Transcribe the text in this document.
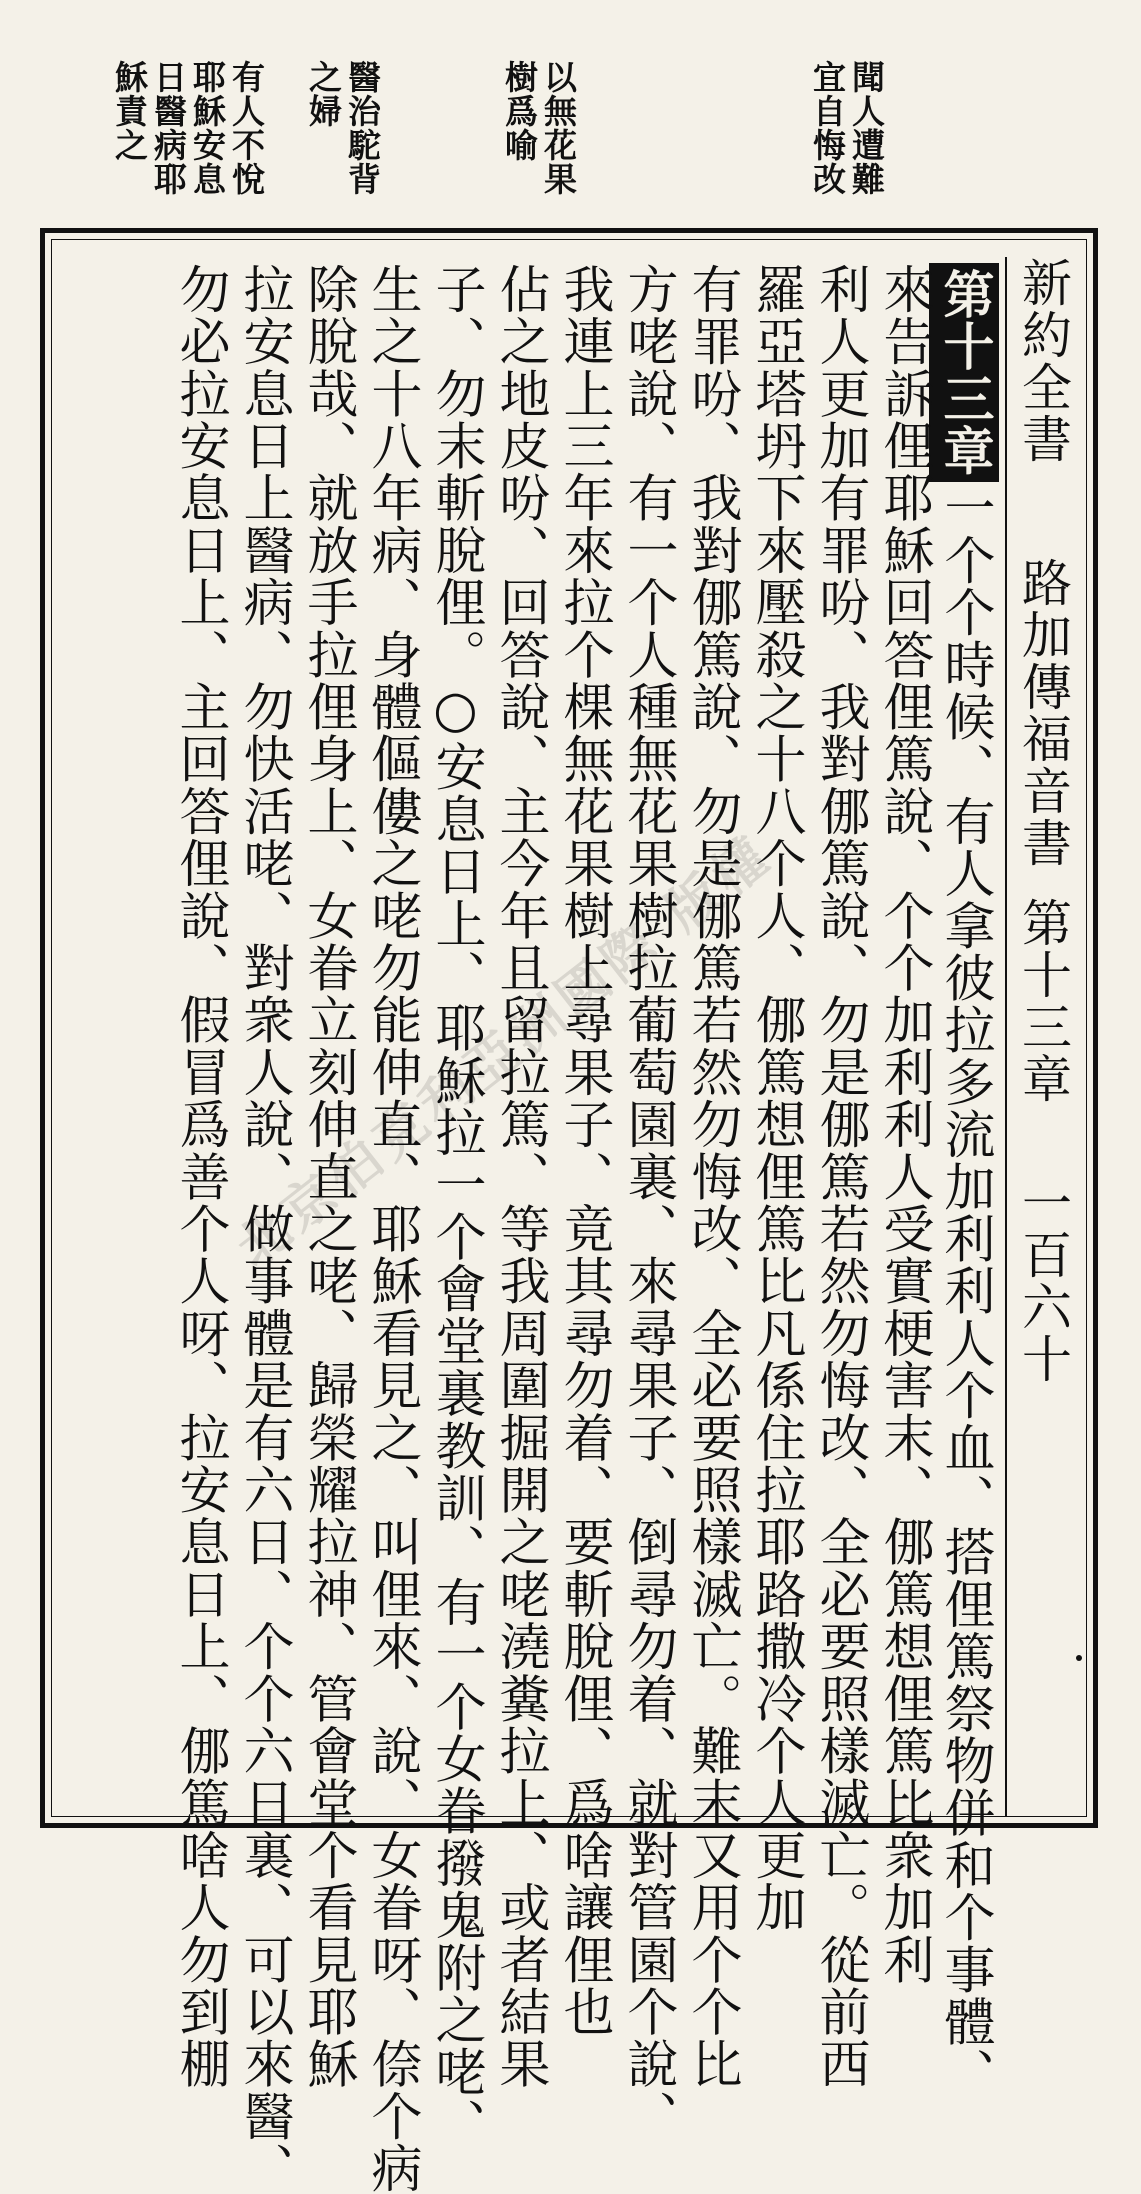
聞人遭難宜自悔改
以無花果樹爲喻
醫治駝背之婦
有人不悅耶穌安息日醫病耶穌責之
新約全書
路加傳福音書
第十三章
一百六十
第十三章一个个時候、有人拿彼拉多流加利利人个血、搭俚篤祭物併和个事體、
來告訴俚耶穌回答俚篤說、个个加利利人受實梗害末、㑚篤想俚篤比衆加利
利人更加有罪吩、我對㑚篤說、勿是㑚篤若然勿悔改、全必要照樣滅亡。從前西
羅亞塔坍下來壓殺之十八个人、㑚篤想俚篤比凡係住拉耶路撒冷个人更加
有罪吩、我對㑚篤說、勿是㑚篤若然勿悔改、全必要照樣滅亡。難末又用个个比
方咾說、有一个人種無花果樹拉葡萄園裏、來尋果子、倒尋勿着、就對管園个說、
我連上三年來拉个棵無花果樹上尋果子、竟其尋勿着、要斬脫俚、爲啥讓俚也
佔之地皮吩、回答說、主今年且留拉篤、等我周圍掘開之咾澆糞拉上、或者結果
子、勿末斬脫俚。○安息日上、耶穌拉一个會堂裏教訓、有一个女眷撥鬼附之咾、
生之十八年病、身體傴僂之咾勿能伸直、耶穌看見之、叫俚來、說、女眷呀、倷个病
除脫哉、就放手拉俚身上、女眷立刻伸直之咾、歸榮耀拉神、管會堂个看見耶穌
拉安息日上醫病、勿快活咾、對衆人說、做事體是有六日、个个六日裏、可以來醫、
勿必拉安息日上、主回答俚說、假冒爲善个人呀、拉安息日上、㑚篤啥人勿到棚
北京伯克利亞洲國際 版權
